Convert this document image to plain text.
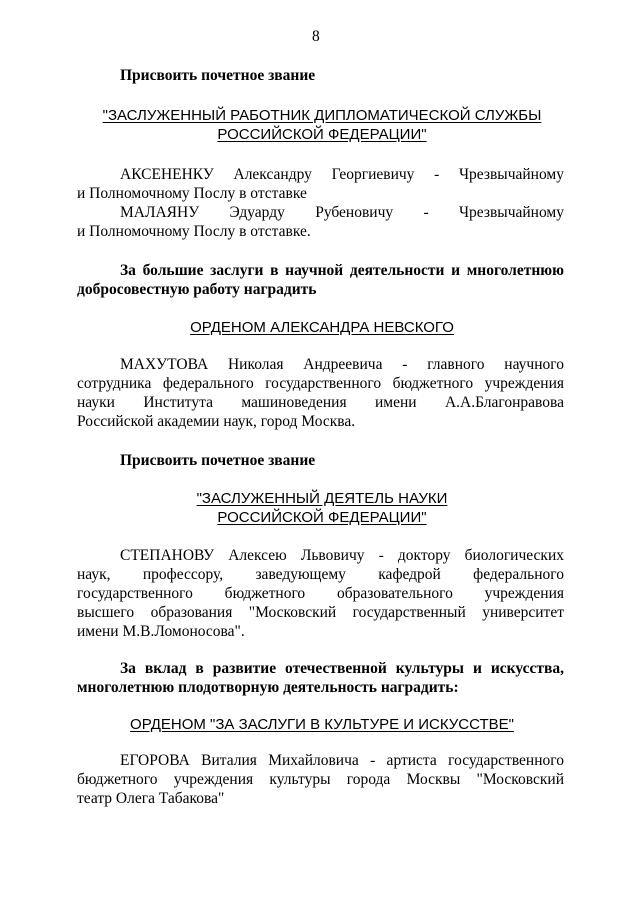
8
Присвоить почетное звание
"ЗАСЛУЖЕННЫЙ РАБОТНИК ДИПЛОМАТИЧЕСКОЙ СЛУЖБЫ
РОССИЙСКОЙ ФЕДЕРАЦИИ"
АКСЕНЕНКУ Александру Георгиевичу - Чрезвычайному
и Полномочному Послу в отставке
МАЛАЯНУ Эдуарду Рубеновичу - Чрезвычайному
и Полномочному Послу в отставке.
За большие заслуги в научной деятельности и многолетнюю
добросовестную работу наградить
ОРДЕНОМ АЛЕКСАНДРА НЕВСКОГО
МАХУТОВА Николая Андреевича - главного научного
сотрудника федерального государственного бюджетного учреждения
науки Института машиноведения имени А.А.Благонравова
Российской академии наук, город Москва.
Присвоить почетное звание
"ЗАСЛУЖЕННЫЙ ДЕЯТЕЛЬ НАУКИ
РОССИЙСКОЙ ФЕДЕРАЦИИ"
СТЕПАНОВУ Алексею Львовичу - доктору биологических
наук, профессору, заведующему кафедрой федерального
государственного бюджетного образовательного учреждения
высшего образования "Московский государственный университет
имени М.В.Ломоносова".
За вклад в развитие отечественной культуры и искусства,
многолетнюю плодотворную деятельность наградить:
ОРДЕНОМ "ЗА ЗАСЛУГИ В КУЛЬТУРЕ И ИСКУССТВЕ"
ЕГОРОВА Виталия Михайловича - артиста государственного
бюджетного учреждения культуры города Москвы "Московский
театр Олега Табакова"
